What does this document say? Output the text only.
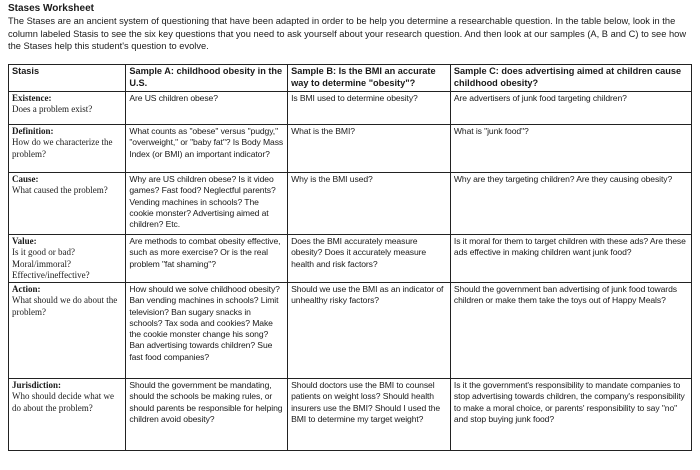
Stases Worksheet
The Stases are an ancient system of questioning that have been adapted in order to be help you determine a researchable question. In the table below, look in the column labeled Stasis to see the six key questions that you need to ask yourself about your research question. And then look at our samples (A, B and C) to see how the Stases help this student's question to evolve.
Stasis	Sample A: childhood obesity in the U.S.	Sample B: Is the BMI an accurate way to determine "obesity"?	Sample C: does advertising aimed at children cause childhood obesity?

Existence:
Does a problem exist?	Are US children obese?	Is BMI used to determine obesity?	Are advertisers of junk food targeting children?

Definition:
How do we characterize the problem?	What counts as "obese" versus "pudgy," "overweight," or "baby fat"? Is Body Mass Index (or BMI) an important indicator?	What is the BMI?	What is "junk food"?

Cause:
What caused the problem?	Why are US children obese? Is it video games? Fast food? Neglectful parents? Vending machines in schools? The cookie monster? Advertising aimed at children? Etc.	Why is the BMI used?	Why are they targeting children? Are they causing obesity?

Value:
Is it good or bad? Moral/immoral? Effective/ineffective?	Are methods to combat obesity effective, such as more exercise? Or is the real problem "fat shaming"?	Does the BMI accurately measure obesity? Does it accurately measure health and risk factors?	Is it moral for them to target children with these ads? Are these ads effective in making children want junk food?

Action:
What should we do about the problem?	How should we solve childhood obesity? Ban vending machines in schools? Limit television? Ban sugary snacks in schools? Tax soda and cookies? Make the cookie monster change his song? Ban advertising towards children? Sue fast food companies?	Should we use the BMI as an indicator of unhealthy risky factors?	Should the government ban advertising of junk food towards children or make them take the toys out of Happy Meals?

Jurisdiction:
Who should decide what we do about the problem?	Should the government be mandating, should the schools be making rules, or should parents be responsible for helping children avoid obesity?	Should doctors use the BMI to counsel patients on weight loss? Should health insurers use the BMI? Should I used the BMI to determine my target weight?	Is it the government's responsibility to mandate companies to stop advertising towards children, the company's responsibility to make a moral choice, or parents' responsibility to say "no" and stop buying junk food?
